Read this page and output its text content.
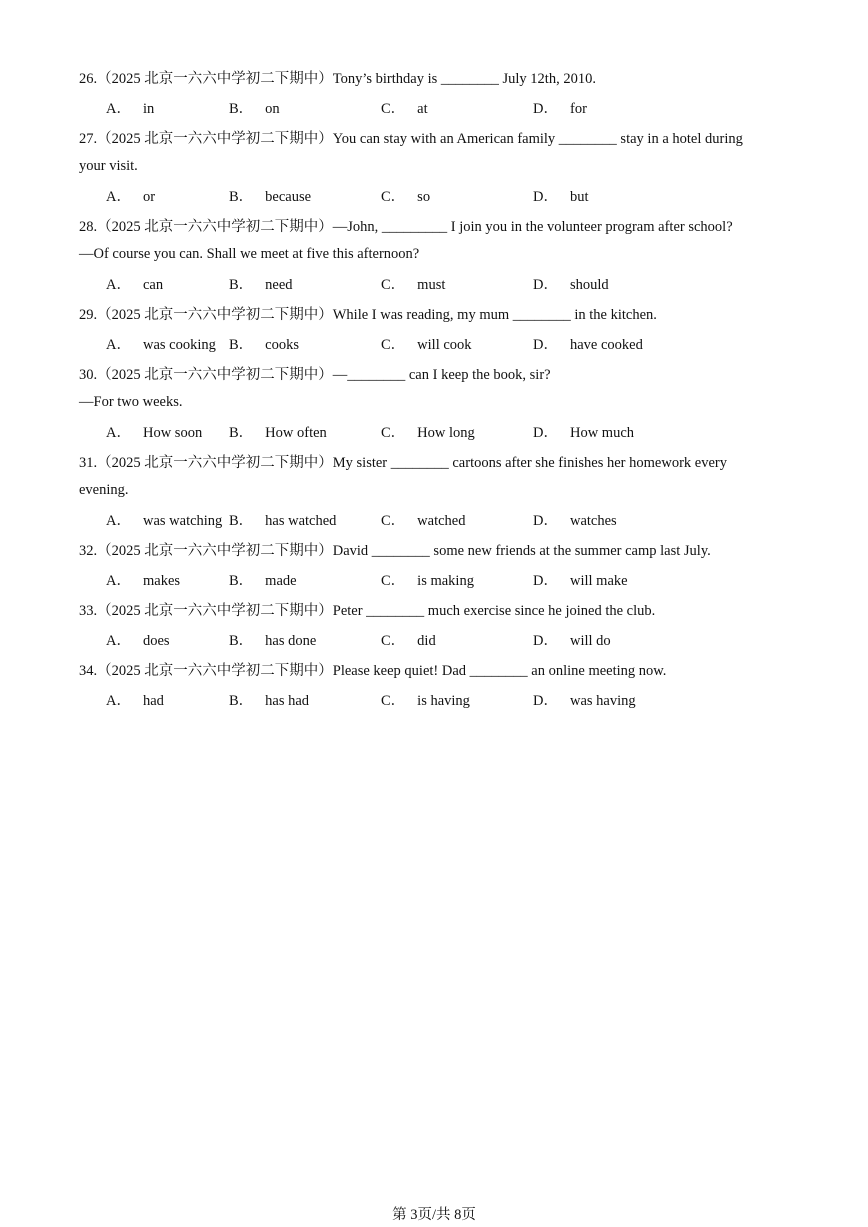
26.（2025 北京一六六中学初二下期中）Tony’s birthday is ________ July 12th, 2010.
A． in	B． on	C． at	D． for
27.（2025 北京一六六中学初二下期中）You can stay with an American family ________ stay in a hotel during
your visit.
A． or	B． because	C． so	D． but
28.（2025 北京一六六中学初二下期中）—John, _________ I join you in the volunteer program after school?
—Of course you can. Shall we meet at five this afternoon?
A． can	B． need	C． must	D． should
29.（2025 北京一六六中学初二下期中）While I was reading, my mum ________ in the kitchen.
A． was cooking B． cooks	C． will cook	D． have cooked
30.（2025 北京一六六中学初二下期中）—________ can I keep the book, sir?
—For two weeks.
A． How soon B． How often	C． How long	D． How much
31.（2025 北京一六六中学初二下期中）My sister ________ cartoons after she finishes her homework every
evening.
A． was watching B． has watched	C． watched	D． watches
32.（2025 北京一六六中学初二下期中）David ________ some new friends at the summer camp last July.
A． makes	B． made	C． is making	D． will make
33.（2025 北京一六六中学初二下期中）Peter ________ much exercise since he joined the club.
A． does	B． has done	C． did	D． will do
34.（2025 北京一六六中学初二下期中）Please keep quiet! Dad ________ an online meeting now.
A． had	B． has had	C． is having	D． was having
第 3页/共 8页
